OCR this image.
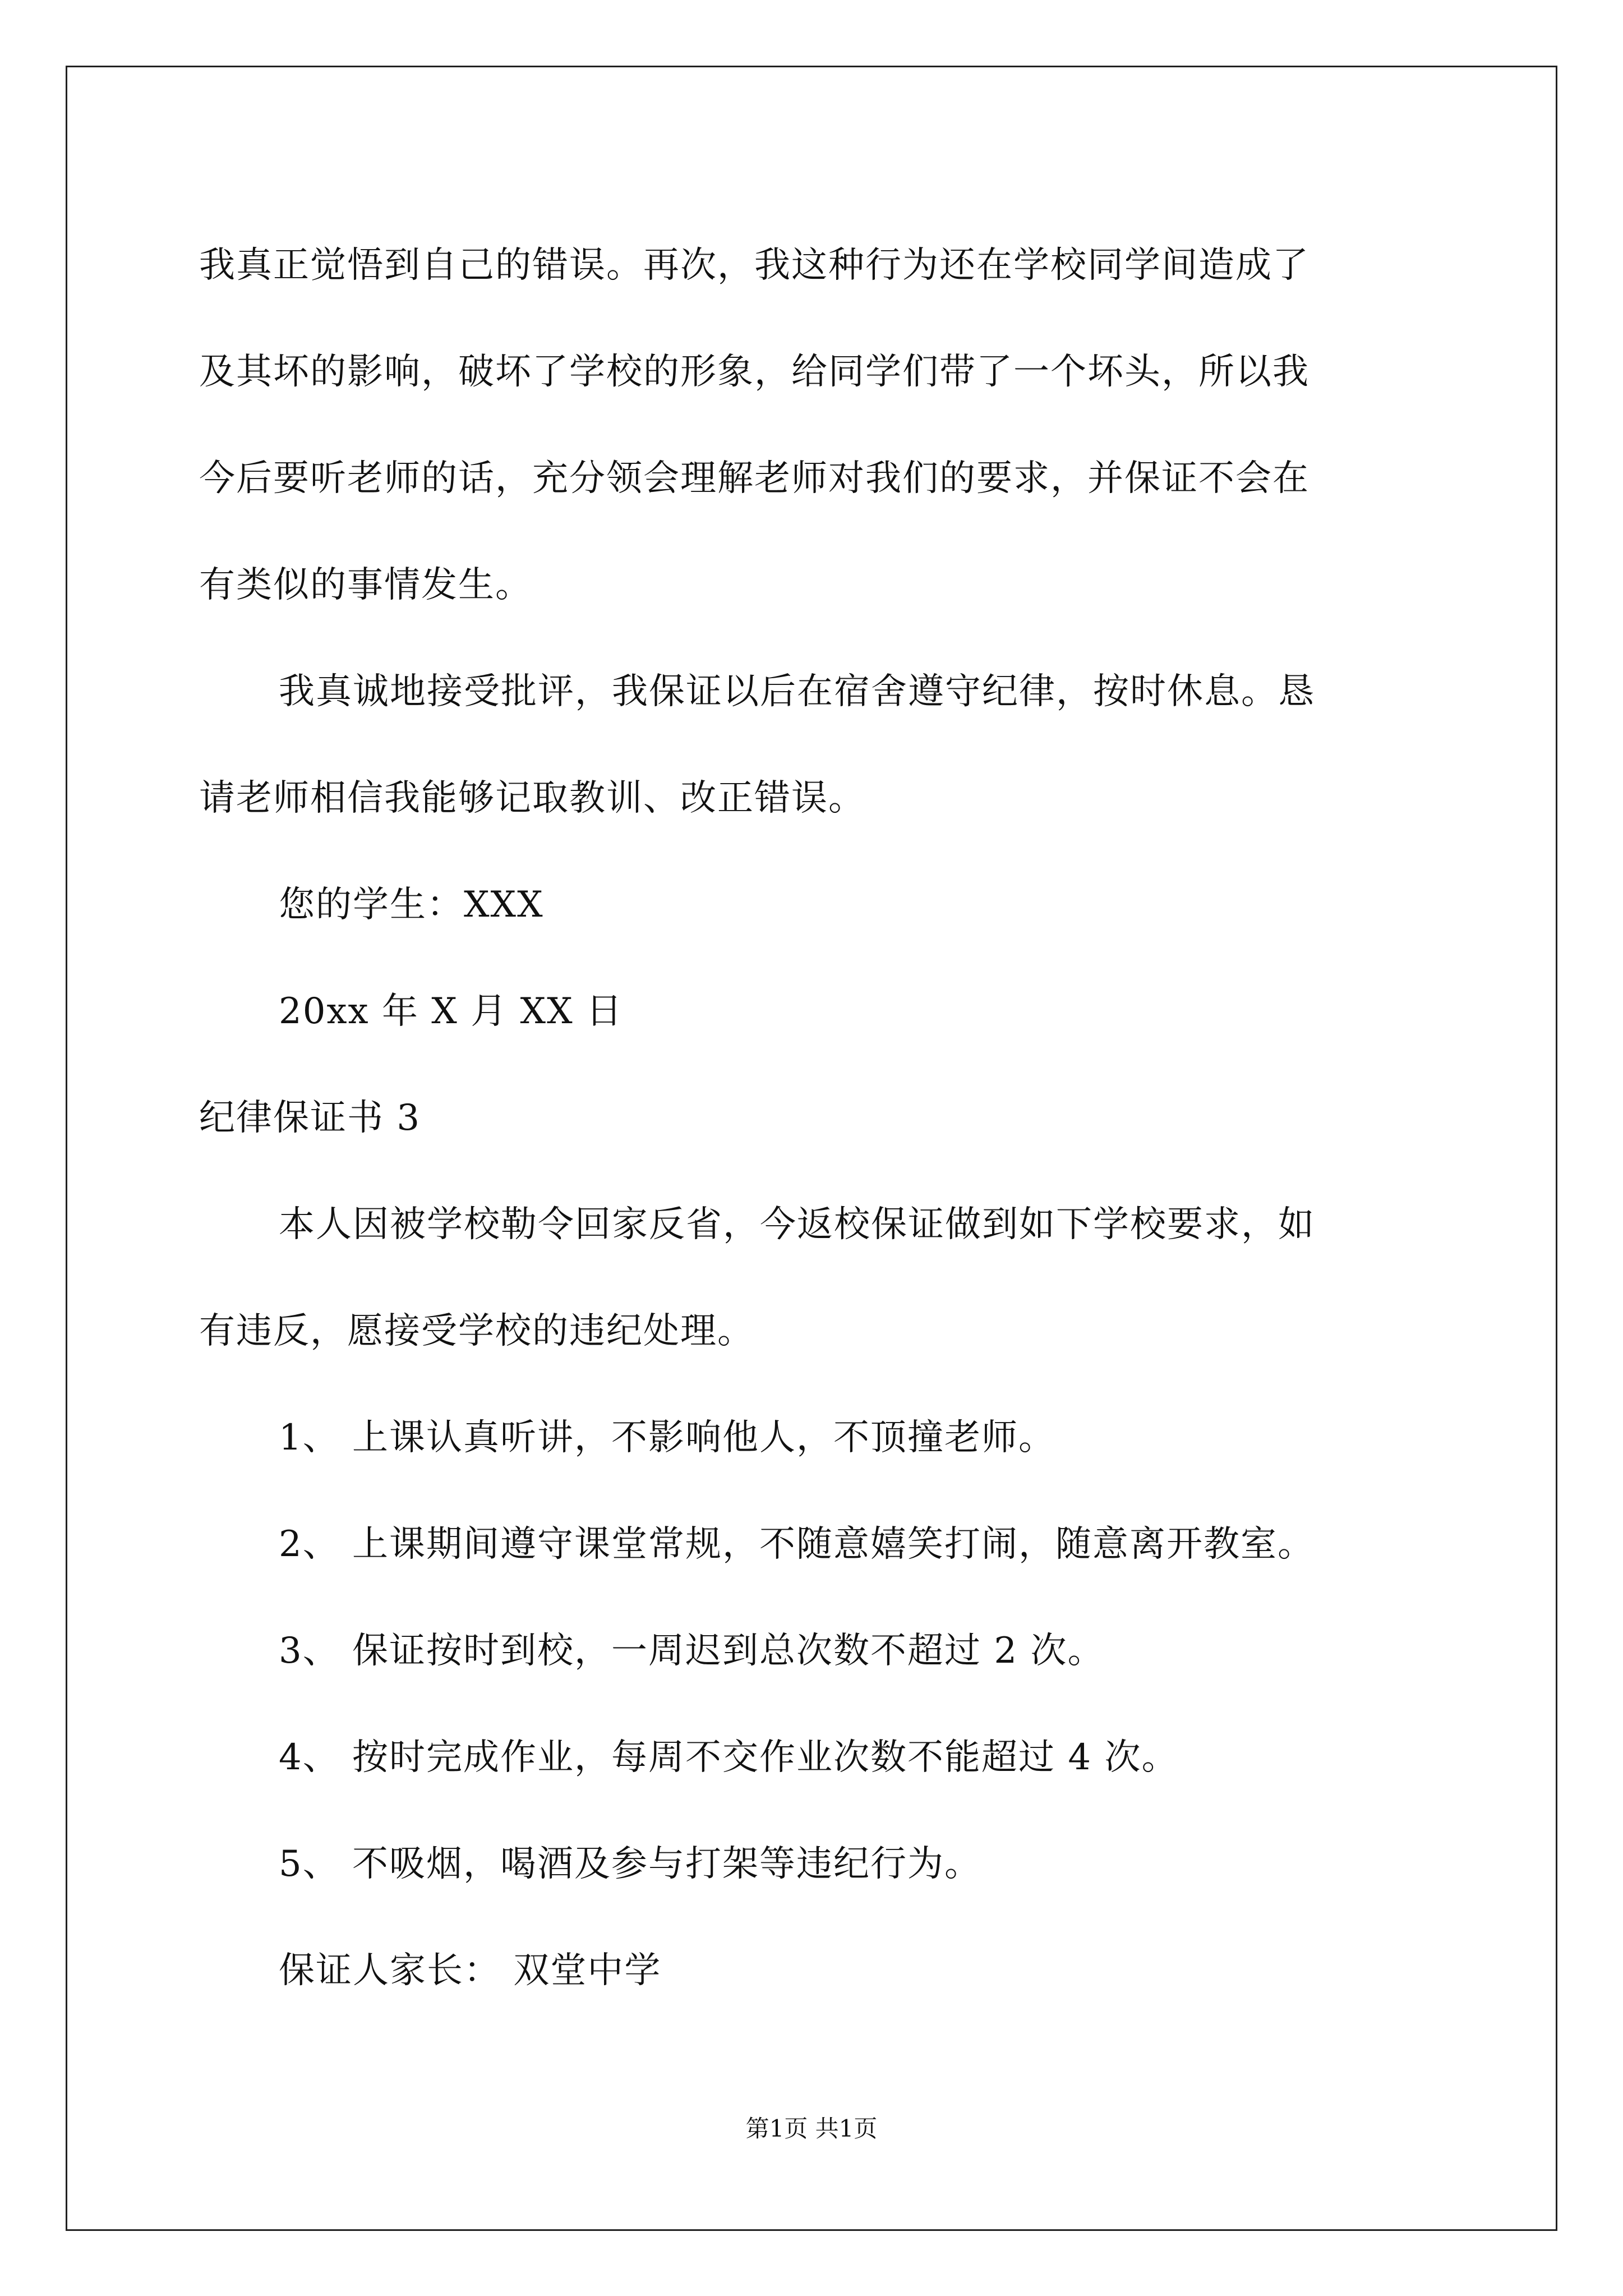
我真正觉悟到自己的错误。再次，我这种行为还在学校同学间造成了
及其坏的影响，破坏了学校的形象，给同学们带了一个坏头，所以我
今后要听老师的话，充分领会理解老师对我们的要求，并保证不会在
有类似的事情发生。
我真诚地接受批评，我保证以后在宿舍遵守纪律，按时休息。恳
请老师相信我能够记取教训、改正错误。
您的学生：XXX
20xx 年 X 月 XX 日
纪律保证书 3
本人因被学校勒令回家反省，今返校保证做到如下学校要求，如
有违反，愿接受学校的违纪处理。
1、 上课认真听讲，不影响他人，不顶撞老师。
2、 上课期间遵守课堂常规，不随意嬉笑打闹，随意离开教室。
3、 保证按时到校，一周迟到总次数不超过 2 次。
4、 按时完成作业，每周不交作业次数不能超过 4 次。
5、 不吸烟，喝酒及参与打架等违纪行为。
保证人家长： 双堂中学
第1页 共1页
